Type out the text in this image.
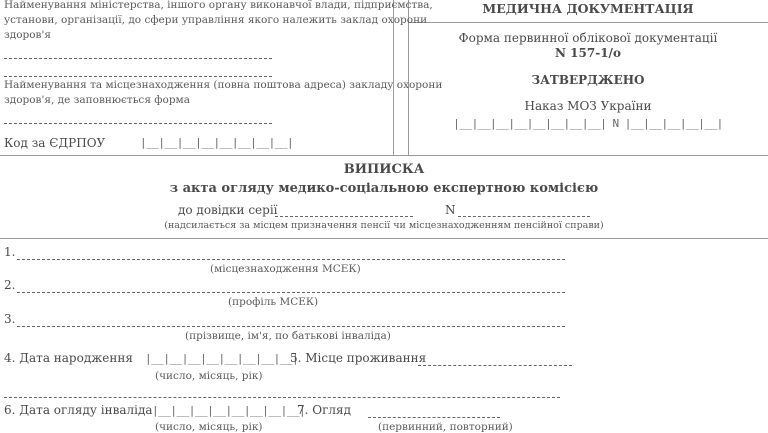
Найменування міністерства, іншого органу виконавчої влади, підприємства,
установи, організації, до сфери управління якого належить заклад охорони
здоров'я
Найменування та місцезнаходження (повна поштова адреса) закладу охорони
здоров'я, де заповнюється форма
Код за ЄДРПОУ	|__|__|__|__|__|__|__|__|
МЕДИЧНА ДОКУМЕНТАЦІЯ
Форма первинної облікової документації
N 157-1/о
ЗАТВЕРДЖЕНО
Наказ МОЗ України
|__|__|__|__|__|__|__|__| N |__|__|__|__|__|
ВИПИСКА
з акта огляду медико-соціальною експертною комісією
до довідки серії	N
(надсилається за місцем призначення пенсії чи місцезнаходженням пенсійної справи)
1.
(місцезнаходження МСЕК)
2.
(профіль МСЕК)
3.
(прізвище, ім'я, по батькові інваліда)
4. Дата народження |__|__|__|__|__|__|__|__|
(число, місяць, рік)
5. Місце проживання
6. Дата огляду інваліда |__|__|__|__|__|__|__|__|
(число, місяць, рік)
7. Огляд
(первинний, повторний)
